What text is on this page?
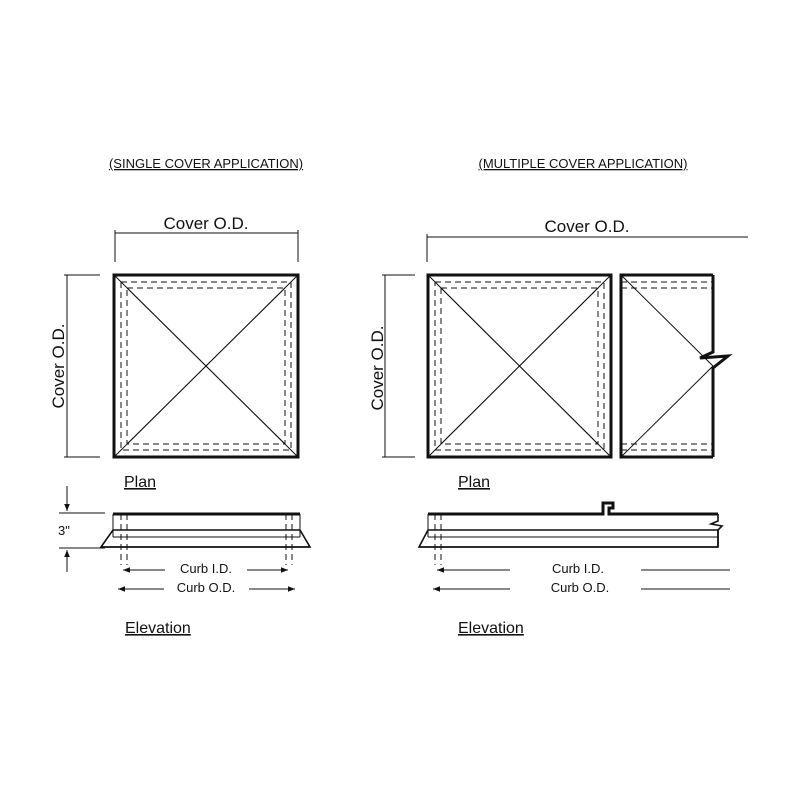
(SINGLE COVER APPLICATION)
Cover O.D.
Cover O.D.
Plan
3"
Curb I.D.
Curb O.D.
Elevation
(MULTIPLE COVER APPLICATION)
Cover O.D.
Cover O.D.
Plan
Curb I.D.
Curb O.D.
Elevation
